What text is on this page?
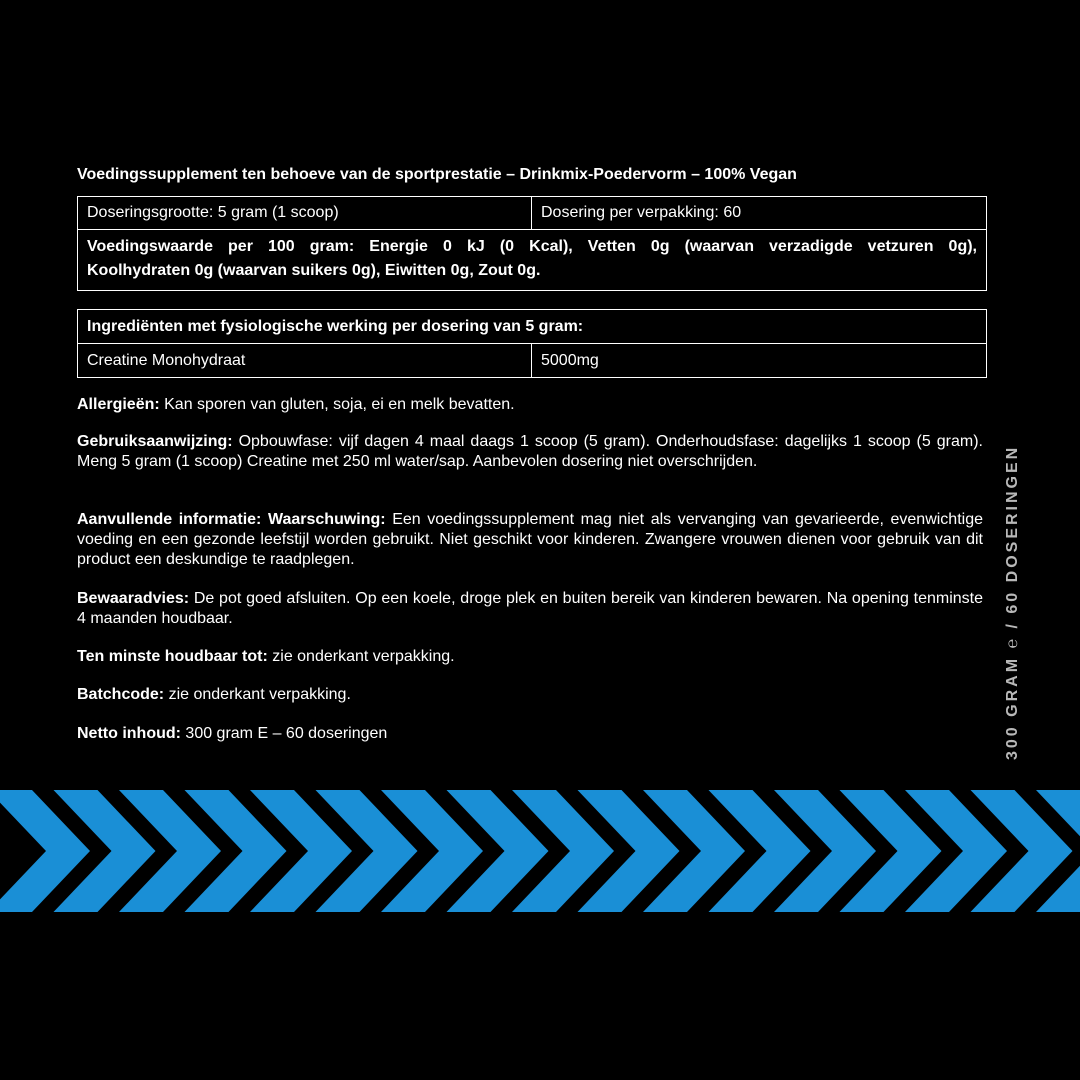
Voedingssupplement ten behoeve van de sportprestatie – Drinkmix-Poedervorm – 100% Vegan
Doseringsgrootte: 5 gram (1 scoop)	Dosering per verpakking: 60
Voedingswaarde per 100 gram: Energie 0 kJ (0 Kcal), Vetten 0g (waarvan verzadigde vetzuren 0g),
Koolhydraten 0g (waarvan suikers 0g), Eiwitten 0g, Zout 0g.
Ingrediënten met fysiologische werking per dosering van 5 gram:
Creatine Monohydraat	5000mg
Allergieën: Kan sporen van gluten, soja, ei en melk bevatten.
Gebruiksaanwijzing: Opbouwfase: vijf dagen 4 maal daags 1 scoop (5 gram). Onderhoudsfase: dagelijks 1 scoop (5 gram). Meng 5 gram (1 scoop) Creatine met 250 ml water/sap. Aanbevolen dosering niet overschrijden.
Aanvullende informatie: Waarschuwing: Een voedingssupplement mag niet als vervanging van gevarieerde, evenwichtige voeding en een gezonde leefstijl worden gebruikt. Niet geschikt voor kinderen. Zwangere vrouwen dienen voor gebruik van dit product een deskundige te raadplegen.
Bewaaradvies: De pot goed afsluiten. Op een koele, droge plek en buiten bereik van kinderen bewaren. Na opening tenminste 4 maanden houdbaar.
Ten minste houdbaar tot: zie onderkant verpakking.
Batchcode: zie onderkant verpakking.
Netto inhoud: 300 gram E – 60 doseringen	300 GRAM ℮ / 60 DOSERINGEN
